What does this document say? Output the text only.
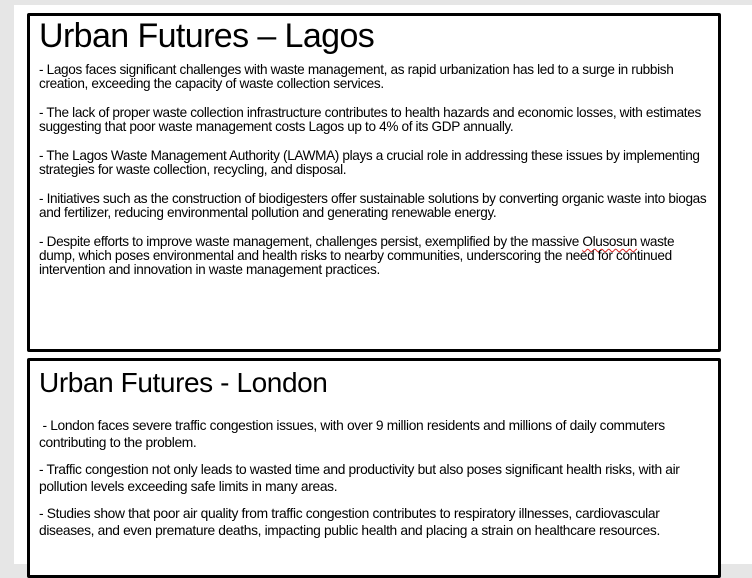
Urban Futures – Lagos

- Lagos faces significant challenges with waste management, as rapid urbanization has led to a surge in rubbish creation, exceeding the capacity of waste collection services.

- The lack of proper waste collection infrastructure contributes to health hazards and economic losses, with estimates suggesting that poor waste management costs Lagos up to 4% of its GDP annually.

- The Lagos Waste Management Authority (LAWMA) plays a crucial role in addressing these issues by implementing strategies for waste collection, recycling, and disposal.

- Initiatives such as the construction of biodigesters offer sustainable solutions by converting organic waste into biogas and fertilizer, reducing environmental pollution and generating renewable energy.

- Despite efforts to improve waste management, challenges persist, exemplified by the massive Olusosun waste dump, which poses environmental and health risks to nearby communities, underscoring the need for continued intervention and innovation in waste management practices.

Urban Futures - London

- London faces severe traffic congestion issues, with over 9 million residents and millions of daily commuters contributing to the problem.

- Traffic congestion not only leads to wasted time and productivity but also poses significant health risks, with air pollution levels exceeding safe limits in many areas.

- Studies show that poor air quality from traffic congestion contributes to respiratory illnesses, cardiovascular diseases, and even premature deaths, impacting public health and placing a strain on healthcare resources.
